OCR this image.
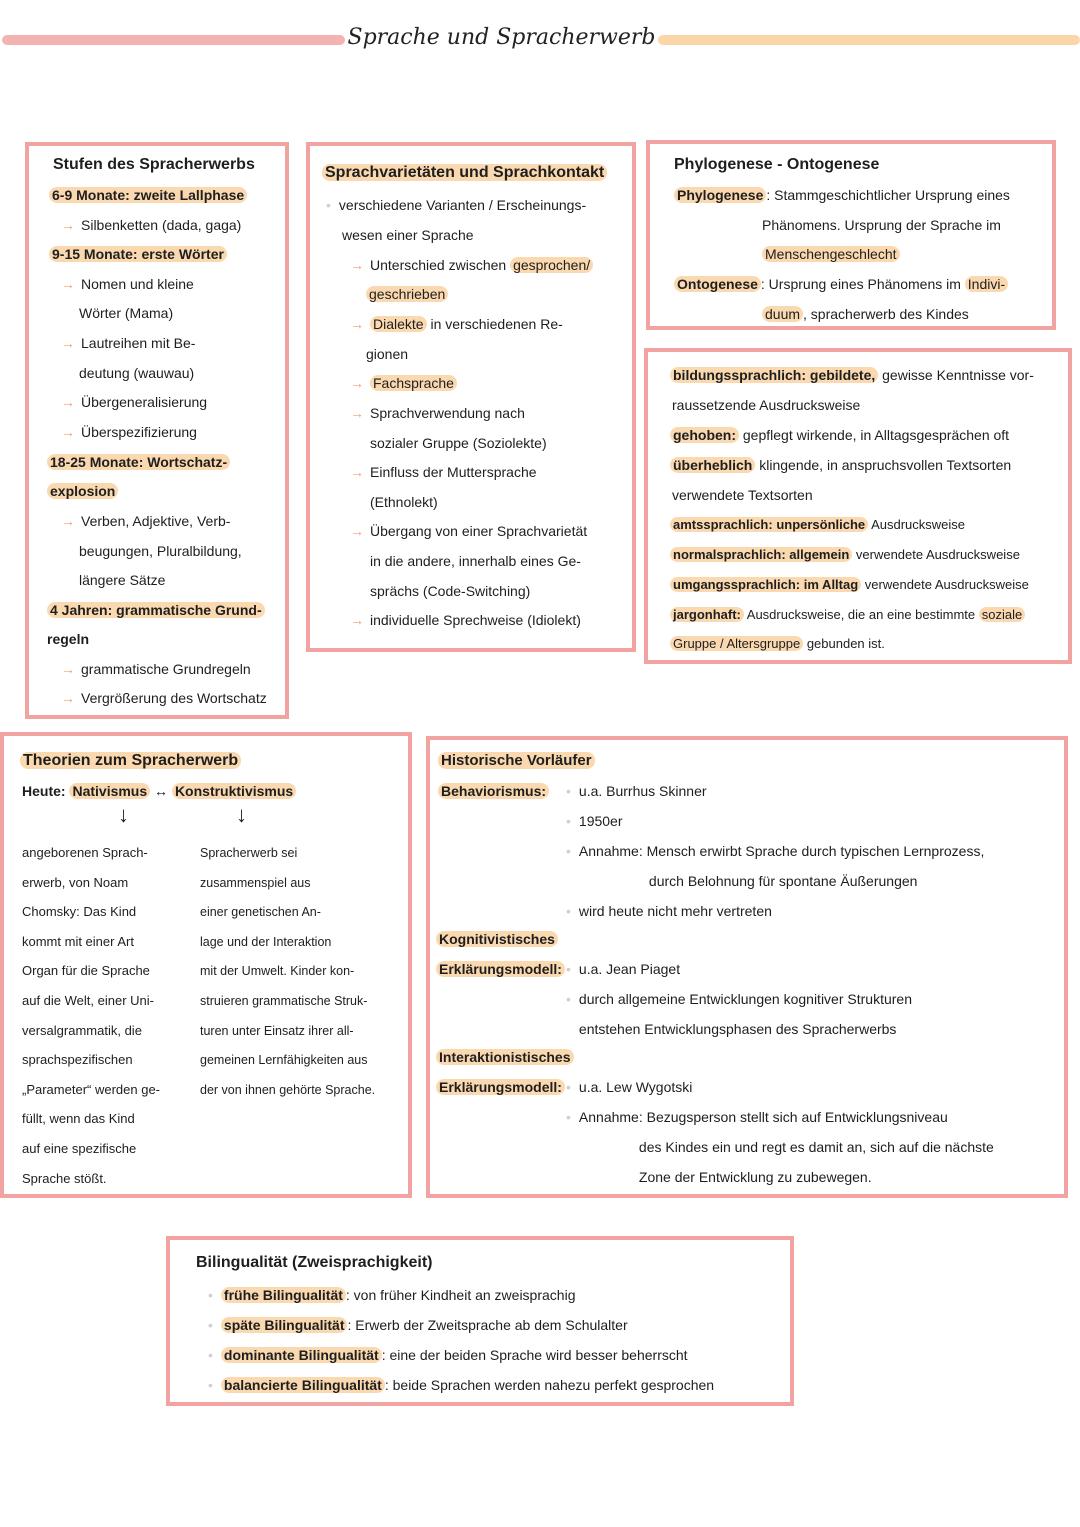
Sprache und Spracherwerb
Stufen des Spracherwerbs
6-9 Monate: zweite Lallphase
→ Silbenketten (dada, gaga)
9-15 Monate: erste Wörter
→ Nomen und kleine
Wörter (Mama)
→ Lautreihen mit Be-
deutung (wauwau)
→ Übergeneralisierung
→ Überspezifizierung
18-25 Monate: Wortschatz-
explosion
→ Verben, Adjektive, Verb-
beugungen, Pluralbildung,
längere Sätze
4 Jahren: grammatische Grund-
regeln
→ grammatische Grundregeln
→ Vergrößerung des Wortschatz
Sprachvarietäten und Sprachkontakt
• verschiedene Varianten / Erscheinungs-
wesen einer Sprache
→ Unterschied zwischen gesprochen/
geschrieben
→ Dialekte in verschiedenen Re-
gionen
→ Fachsprache
→ Sprachverwendung nach
sozialer Gruppe (Soziolekte)
→ Einfluss der Muttersprache
(Ethnolekt)
→ Übergang von einer Sprachvarietät
in die andere, innerhalb eines Ge-
sprächs (Code-Switching)
→ individuelle Sprechweise (Idiolekt)
Phylogenese - Ontogenese
Phylogenese : Stammgeschichtlicher Ursprung eines
Phänomens. Ursprung der Sprache im
Menschengeschlecht
Ontogenese : Ursprung eines Phänomens im Indivi-
duum , spracherwerb des Kindes
bildungssprachlich: gebildete, gewisse Kenntnisse vor-
raussetzende Ausdrucksweise
gehoben: gepflegt wirkende, in Alltagsgesprächen oft
überheblich klingende, in anspruchsvollen Textsorten
verwendete Textsorten
amtssprachlich: unpersönliche Ausdrucksweise
normalsprachlich: allgemein verwendete Ausdrucksweise
umgangssprachlich: im Alltag verwendete Ausdrucksweise
jargonhaft: Ausdrucksweise, die an eine bestimmte soziale
Gruppe / Altersgruppe gebunden ist.
Theorien zum Spracherwerb
Heute: Nativismus ↔ Konstruktivismus
↓	↓
angeborenen Sprach-
erwerb, von Noam
Chomsky: Das Kind
kommt mit einer Art
Organ für die Sprache
auf die Welt, einer Uni-
versalgrammatik, die
sprachspezifischen
„Parameter“ werden ge-
füllt, wenn das Kind
auf eine spezifische
Sprache stößt.
Spracherwerb sei
zusammenspiel aus
einer genetischen An-
lage und der Interaktion
mit der Umwelt. Kinder kon-
struieren grammatische Struk-
turen unter Einsatz ihrer all-
gemeinen Lernfähigkeiten aus
der von ihnen gehörte Sprache.
Historische Vorläufer
Behaviorismus: • u.a. Burrhus Skinner
• 1950er
• Annahme: Mensch erwirbt Sprache durch typischen Lernprozess,
durch Belohnung für spontane Äußerungen
• wird heute nicht mehr vertreten
Kognitivistisches
Erklärungsmodell: • u.a. Jean Piaget
• durch allgemeine Entwicklungen kognitiver Strukturen
entstehen Entwicklungsphasen des Spracherwerbs
Interaktionistisches
Erklärungsmodell: • u.a. Lew Wygotski
• Annahme: Bezugsperson stellt sich auf Entwicklungsniveau
des Kindes ein und regt es damit an, sich auf die nächste
Zone der Entwicklung zu zubewegen.
Bilingualität (Zweisprachigkeit)
• frühe Bilingualität : von früher Kindheit an zweisprachig
• späte Bilingualität : Erwerb der Zweitsprache ab dem Schulalter
• dominante Bilingualität : eine der beiden Sprache wird besser beherrscht
• balancierte Bilingualität : beide Sprachen werden nahezu perfekt gesprochen
